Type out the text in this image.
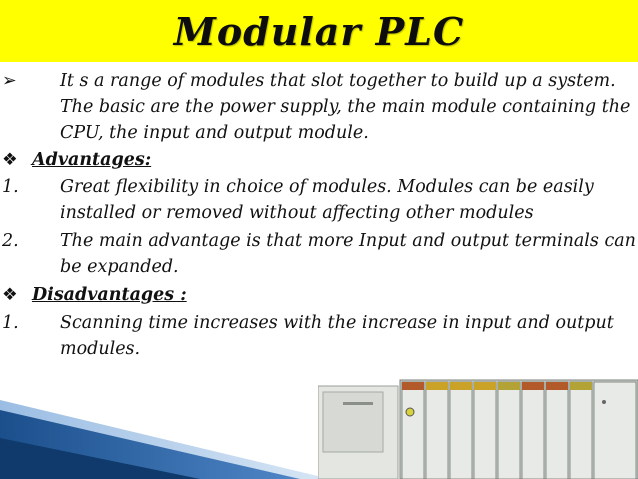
Modular PLC
➢	It s a range of modules that slot together to build up a system.
The basic are the power supply, the main module containing the
CPU, the input and output module.
❖ Advantages:
1.	Great flexibility in choice of modules. Modules can be easily
installed or removed without affecting other modules
2.	The main advantage is that more Input and output terminals can
be expanded.
❖ Disadvantages :
1.	Scanning time increases with the increase in input and output
modules.
